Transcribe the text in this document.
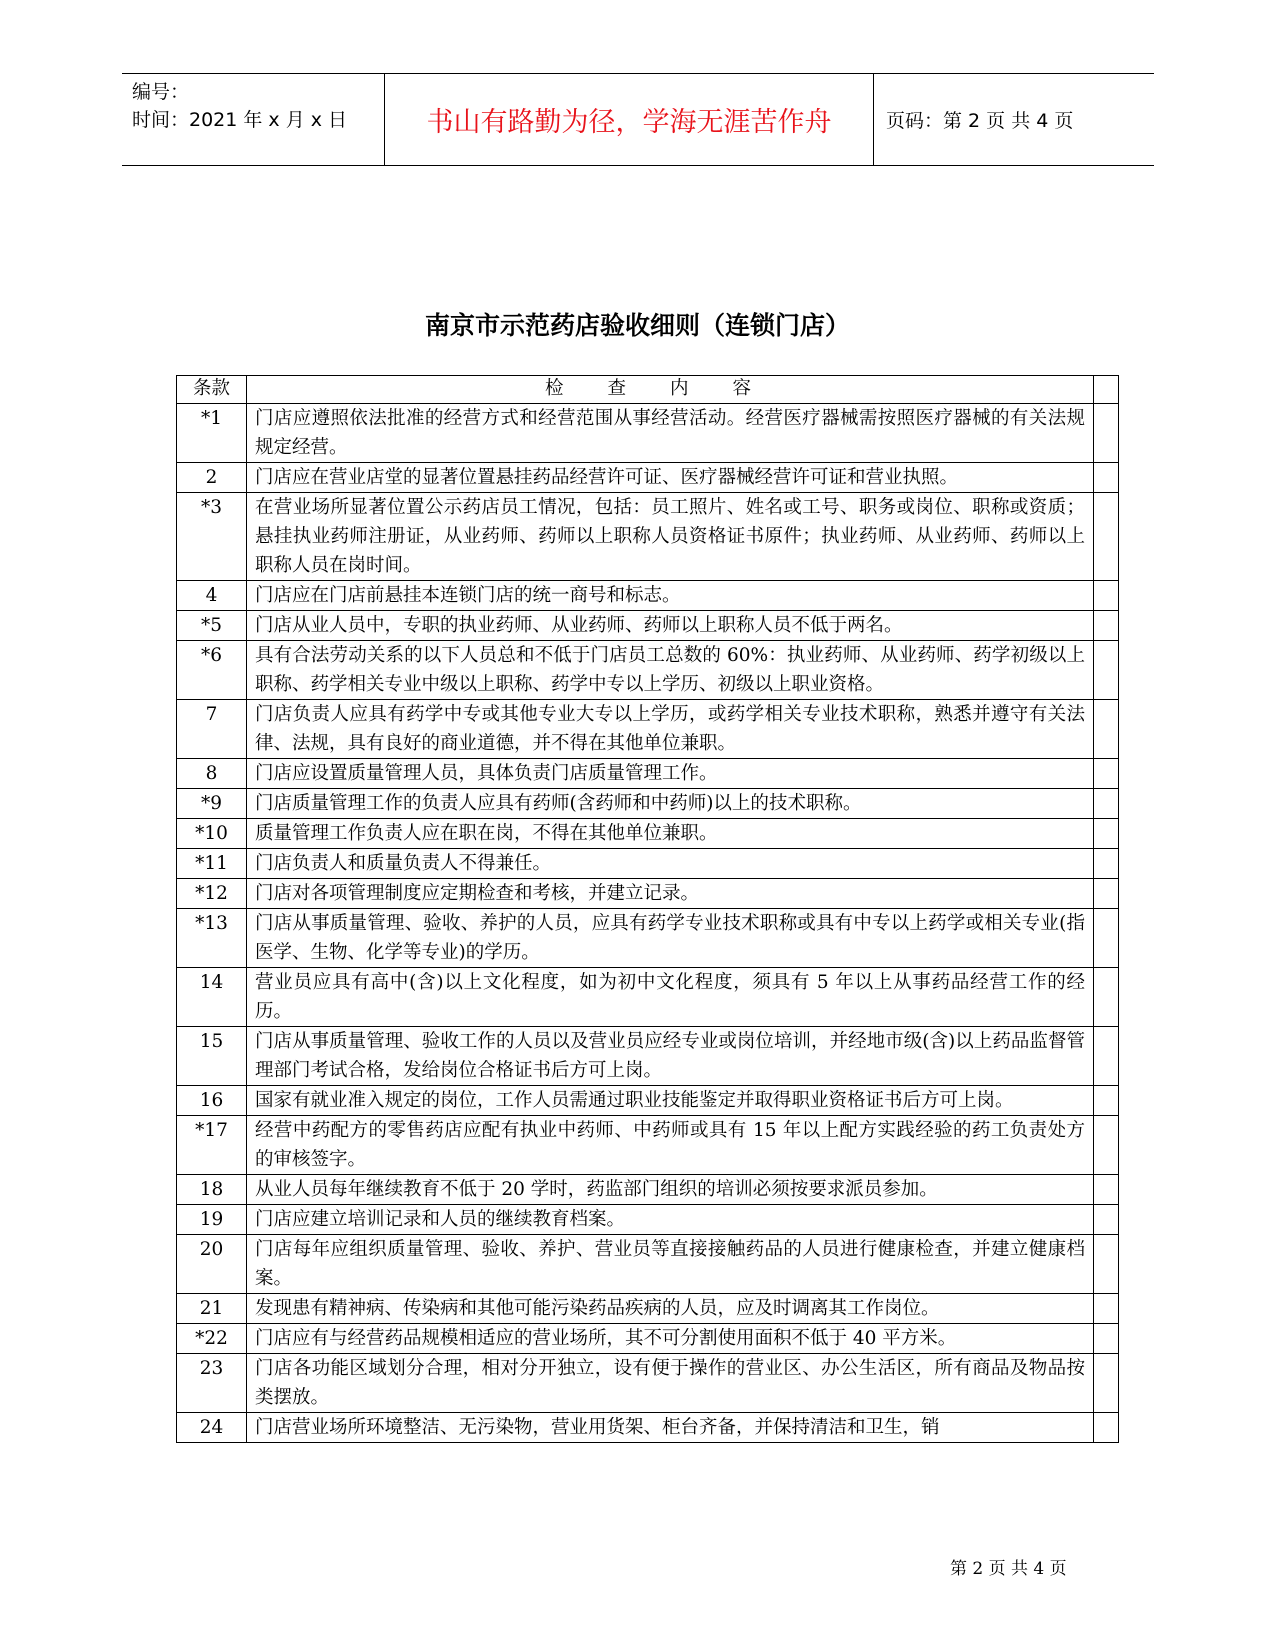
编号：
时间：2021 年 x 月 x 日	书山有路勤为径，学海无涯苦作舟	页码：第 2 页 共 4 页
南京市示范药店验收细则（连锁门店）
条款	检查内容	
*1	门店应遵照依法批准的经营方式和经营范围从事经营活动。经营医疗器械需按照医疗器械的有关法规规定经营。	
2	门店应在营业店堂的显著位置悬挂药品经营许可证、医疗器械经营许可证和营业执照。	
*3	在营业场所显著位置公示药店员工情况，包括：员工照片、姓名或工号、职务或岗位、职称或资质；悬挂执业药师注册证，从业药师、药师以上职称人员资格证书原件；执业药师、从业药师、药师以上职称人员在岗时间。	
4	门店应在门店前悬挂本连锁门店的统一商号和标志。	
*5	门店从业人员中，专职的执业药师、从业药师、药师以上职称人员不低于两名。	
*6	具有合法劳动关系的以下人员总和不低于门店员工总数的 60%：执业药师、从业药师、药学初级以上职称、药学相关专业中级以上职称、药学中专以上学历、初级以上职业资格。	
7	门店负责人应具有药学中专或其他专业大专以上学历，或药学相关专业技术职称，熟悉并遵守有关法律、法规，具有良好的商业道德，并不得在其他单位兼职。	
8	门店应设置质量管理人员，具体负责门店质量管理工作。	
*9	门店质量管理工作的负责人应具有药师(含药师和中药师)以上的技术职称。	
*10	质量管理工作负责人应在职在岗，不得在其他单位兼职。	
*11	门店负责人和质量负责人不得兼任。	
*12	门店对各项管理制度应定期检查和考核，并建立记录。	
*13	门店从事质量管理、验收、养护的人员，应具有药学专业技术职称或具有中专以上药学或相关专业(指医学、生物、化学等专业)的学历。	
14	营业员应具有高中(含)以上文化程度，如为初中文化程度，须具有 5 年以上从事药品经营工作的经历。	
15	门店从事质量管理、验收工作的人员以及营业员应经专业或岗位培训，并经地市级(含)以上药品监督管理部门考试合格，发给岗位合格证书后方可上岗。	
16	国家有就业准入规定的岗位，工作人员需通过职业技能鉴定并取得职业资格证书后方可上岗。	
*17	经营中药配方的零售药店应配有执业中药师、中药师或具有 15 年以上配方实践经验的药工负责处方的审核签字。	
18	从业人员每年继续教育不低于 20 学时，药监部门组织的培训必须按要求派员参加。	
19	门店应建立培训记录和人员的继续教育档案。	
20	门店每年应组织质量管理、验收、养护、营业员等直接接触药品的人员进行健康检查，并建立健康档案。	
21	发现患有精神病、传染病和其他可能污染药品疾病的人员，应及时调离其工作岗位。	
*22	门店应有与经营药品规模相适应的营业场所，其不可分割使用面积不低于 40 平方米。	
23	门店各功能区域划分合理，相对分开独立，设有便于操作的营业区、办公生活区，所有商品及物品按类摆放。	
24	门店营业场所环境整洁、无污染物，营业用货架、柜台齐备，并保持清洁和卫生，销	
第 2 页 共 4 页
